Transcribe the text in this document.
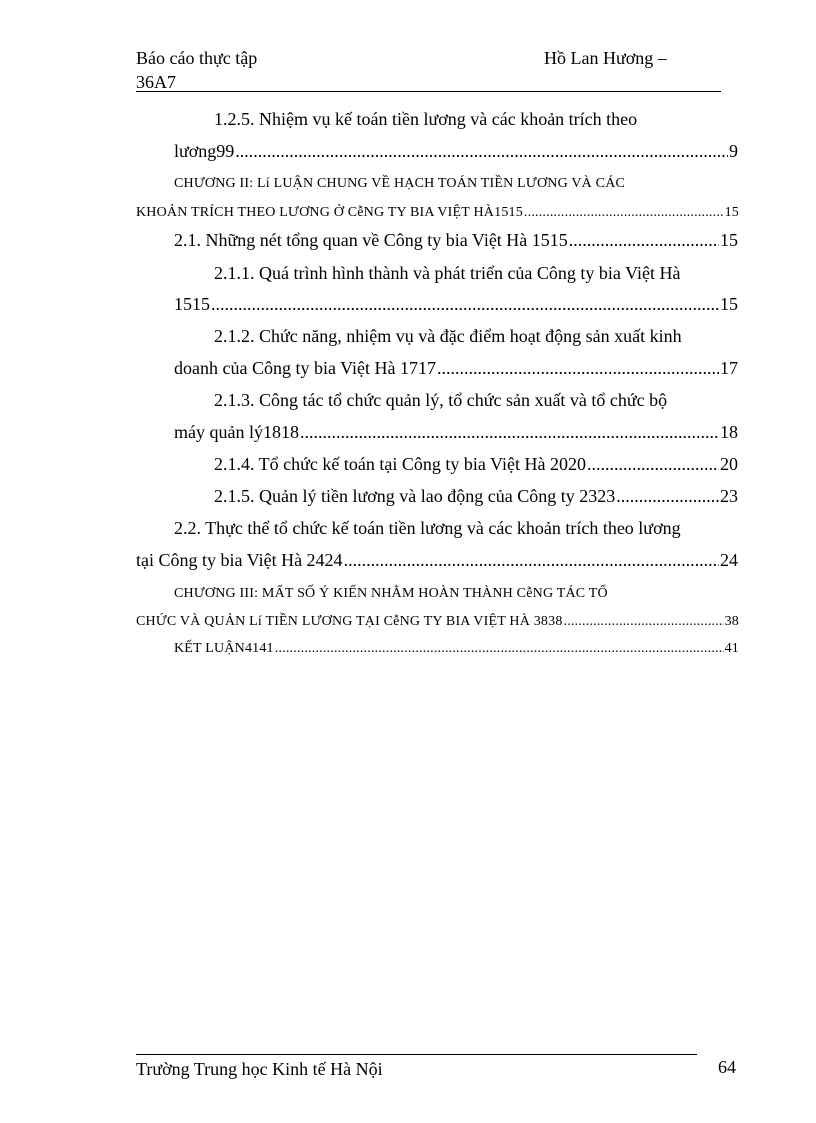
Báo cáo thực tập	Hồ Lan Hương –
36A7
1.2.5. Nhiệm vụ kế toán tiền lương và các khoản trích theo
lương99 .....	9
CHƯƠNG II: Lí LUẬN CHUNG VỀ HẠCH TOÁN TIỀN LƯƠNG VÀ CÁC
KHOẢN TRÍCH THEO LƯƠNG Ở CễNG TY BIA VIỆT HÀ1515 .....	15
2.1. Những nét tổng quan về Công ty bia Việt Hà 1515 .....	15
2.1.1. Quá trình hình thành và phát triển của Công ty bia Việt Hà
1515 .....	15
2.1.2. Chức năng, nhiệm vụ và đặc điểm hoạt động sản xuất kinh
doanh của Công ty bia Việt Hà 1717 .....	17
2.1.3. Công tác tổ chức quản lý, tổ chức sản xuất và tổ chức bộ
máy quản lý1818 .....	18
2.1.4. Tổ chức kế toán tại Công ty bia Việt Hà 2020 .....	20
2.1.5. Quản lý tiền lương và lao động của Công ty 2323 .....	23
2.2. Thực thể tổ chức kế toán tiền lương và các khoản trích theo lương
tại Công ty bia Việt Hà 2424 .....	24
CHƯƠNG III: MẤT SỐ Ý KIẾN NHẰM HOÀN THÀNH CễNG TÁC TỔ
CHỨC VÀ QUẢN Lí TIỀN LƯƠNG TẠI CễNG TY BIA VIỆT HÀ 3838 .....	38
KẾT LUẬN4141 .....	41
Trường Trung học Kinh tế Hà Nội	64
